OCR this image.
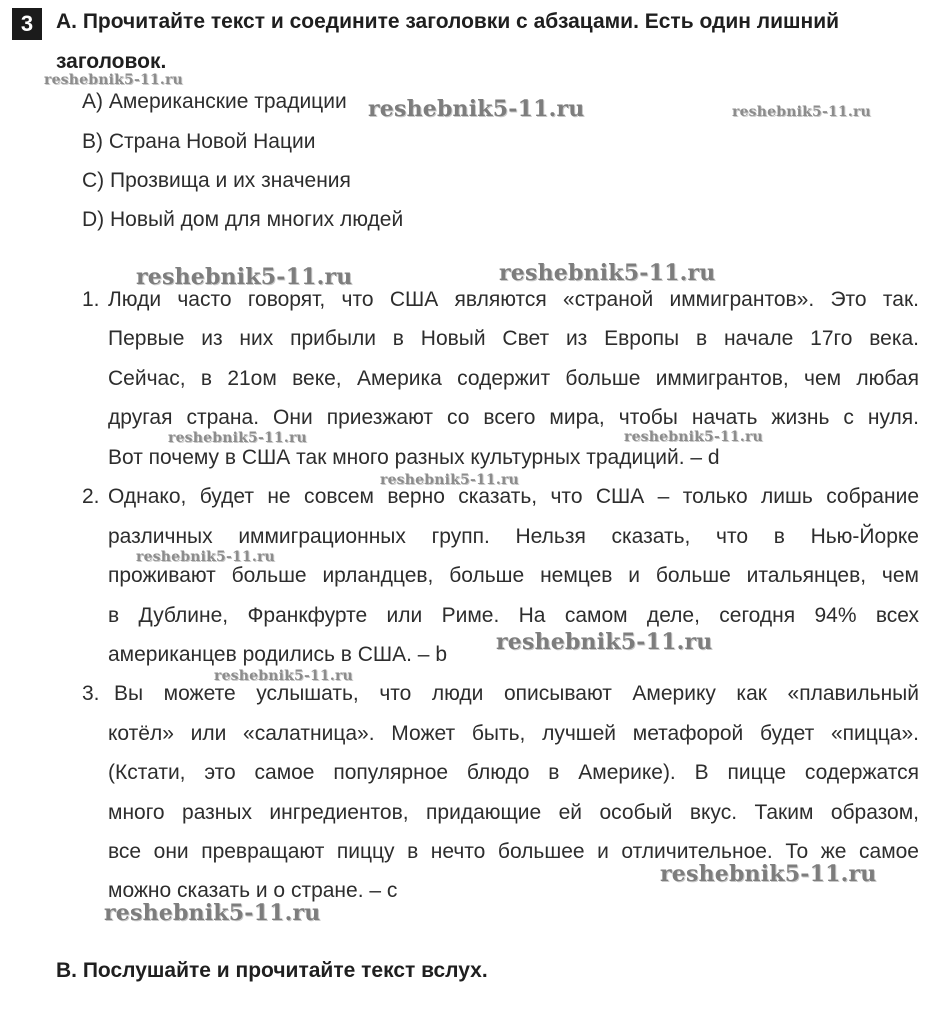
3	А. Прочитайте текст и соедините заголовки с абзацами. Есть один лишний
заголовок.
A) Американские традиции
B) Страна Новой Нации
C) Прозвища и их значения
D) Новый дом для многих людей
1. Люди часто говорят, что США являются «страной иммигрантов». Это так.
Первые из них прибыли в Новый Свет из Европы в начале 17го века.
Сейчас, в 21ом веке, Америка содержит больше иммигрантов, чем любая
другая страна. Они приезжают со всего мира, чтобы начать жизнь с нуля.
Вот почему в США так много разных культурных традиций. – d
2. Однако, будет не совсем верно сказать, что США – только лишь собрание
различных иммиграционных групп. Нельзя сказать, что в Нью-Йорке
проживают больше ирландцев, больше немцев и больше итальянцев, чем
в Дублине, Франкфурте или Риме. На самом деле, сегодня 94% всех
американцев родились в США. – b
3. Вы можете услышать, что люди описывают Америку как «плавильный
котёл» или «салатница». Может быть, лучшей метафорой будет «пицца».
(Кстати, это самое популярное блюдо в Америке). В пицце содержатся
много разных ингредиентов, придающие ей особый вкус. Таким образом,
все они превращают пиццу в нечто большее и отличительное. То же самое
можно сказать и о стране. – c
В. Послушайте и прочитайте текст вслух.
reshebnik5-11.ru
reshebnik5-11.ru	reshebnik5-11.ru
reshebnik5-11.ru	reshebnik5-11.ru
reshebnik5-11.ru	reshebnik5-11.ru
reshebnik5-11.ru
reshebnik5-11.ru
reshebnik5-11.ru
reshebnik5-11.ru
reshebnik5-11.ru
reshebnik5-11.ru
